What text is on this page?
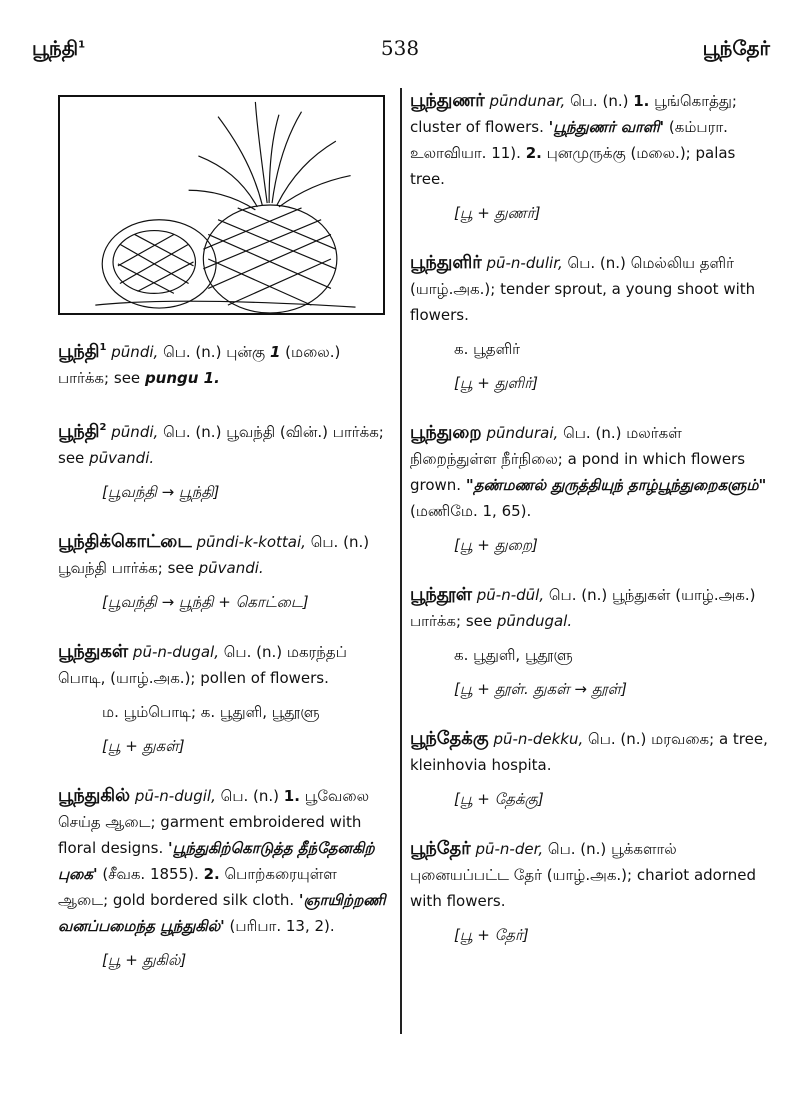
பூந்தி$^1$	538	பூந்தேர்

பூந்தி$^1$ pūndi, பெ. (n.) புன்கு 1 (மலை.) பார்க்க; see pungu 1.

பூந்தி$^2$ pūndi, பெ. (n.) பூவந்தி (வின்.) பார்க்க; see pūvandi.

[பூவந்தி → பூந்தி]

பூந்திக்கொட்டை pūndi-k-kottai, பெ. (n.) பூவந்தி பார்க்க; see pūvandi.

[பூவந்தி → பூந்தி + கொட்டை]

பூந்துகள் pū-n-dugal, பெ. (n.) மகரந்தப் பொடி, (யாழ்.அக.); pollen of flowers.

ம. பூம்பொடி; க. பூதுளி, பூதூளு

[பூ + துகள்]

பூந்துகில் pū-n-dugil, பெ. (n.) 1. பூவேலை செய்த ஆடை; garment embroidered with floral designs. 'பூந்துகிற்கொடுத்த தீந்தேனகிற் புகை' (சீவக. 1855). 2. பொற்கரையுள்ள ஆடை; gold bordered silk cloth. 'ஞாயிற்றணி வனப்பமைந்த பூந்துகில்' (பரிபா. 13, 2).

[பூ + துகில்]

பூந்துணர் pūndunar, பெ. (n.) 1. பூங்கொத்து; cluster of flowers. 'பூந்துணர் வாளி' (கம்பரா. உலாவியா. 11). 2. புனமுருக்கு (மலை.); palas tree.

[பூ + துணர்]

பூந்துளிர் pū-n-dulir, பெ. (n.) மெல்லிய தளிர் (யாழ்.அக.); tender sprout, a young shoot with flowers.

க. பூதளிர்

[பூ + துளிர்]

பூந்துறை pūndurai, பெ. (n.) மலர்கள் நிறைந்துள்ள நீர்நிலை; a pond in which flowers grown. "தண்மணல் துருத்தியுந் தாழ்பூந்துறைகளும்" (மணிமே. 1, 65).

[பூ + துறை]

பூந்தூள் pū-n-dūl, பெ. (n.) பூந்துகள் (யாழ்.அக.) பார்க்க; see pūndugal.

க. பூதுளி, பூதூளு

[பூ + தூள். துகள் → தூள்]

பூந்தேக்கு pū-n-dekku, பெ. (n.) மரவகை; a tree, kleinhovia hospita.

[பூ + தேக்கு]

பூந்தேர் pū-n-der, பெ. (n.) பூக்களால் புனையப்பட்ட தேர் (யாழ்.அக.); chariot adorned with flowers.

[பூ + தேர்]
